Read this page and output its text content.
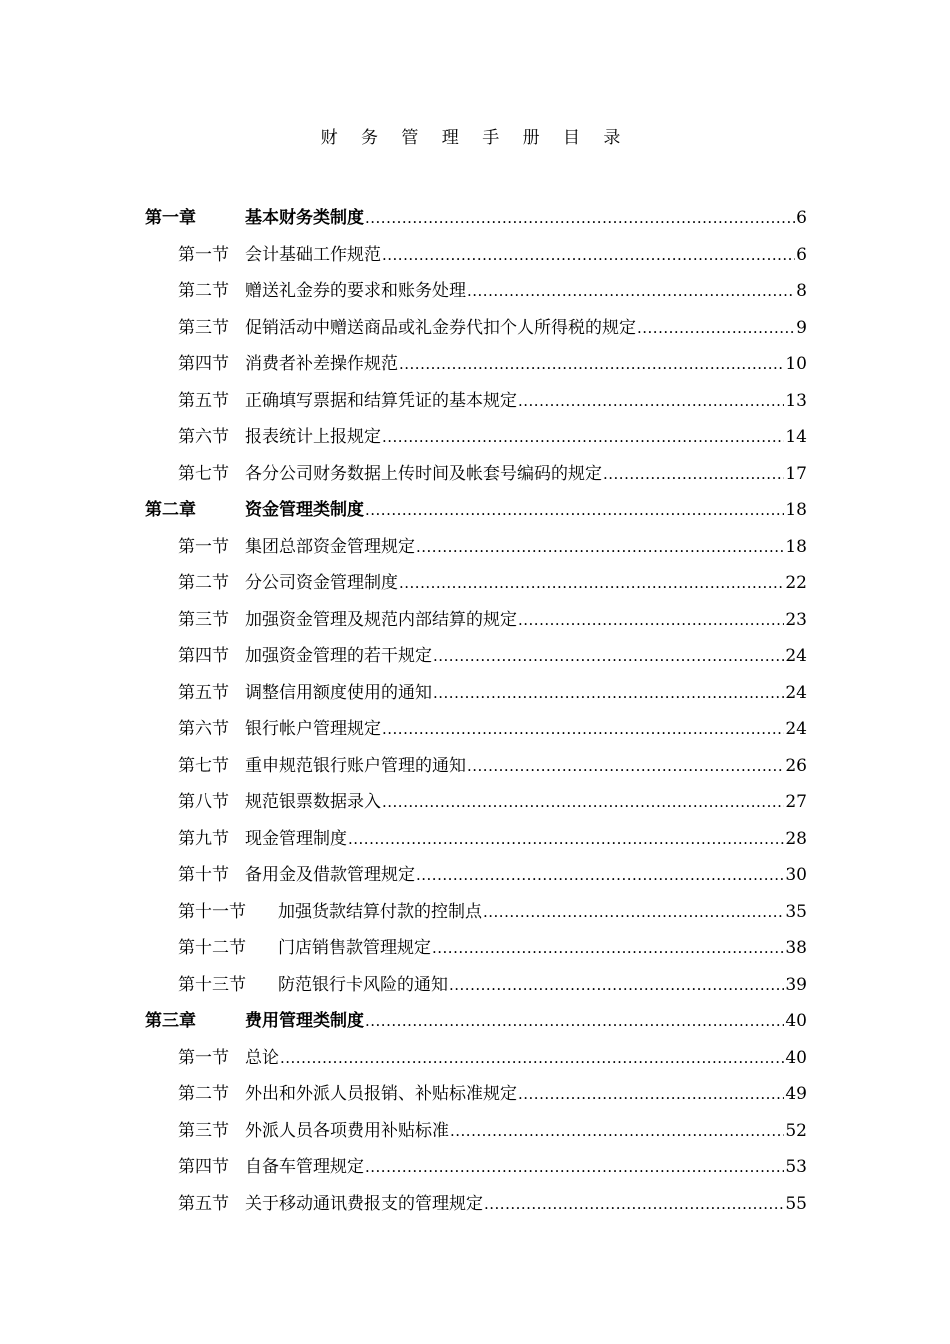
财 务 管 理 手 册 目 录
第一章	基本财务类制度 .....	6
第一节 会计基础工作规范 .....	6
第二节 赠送礼金券的要求和账务处理 .....	8
第三节 促销活动中赠送商品或礼金券代扣个人所得税的规定 .....	9
第四节 消费者补差操作规范 .....	10
第五节 正确填写票据和结算凭证的基本规定 .....	13
第六节 报表统计上报规定 .....	14
第七节 各分公司财务数据上传时间及帐套号编码的规定 .....	17
第二章	资金管理类制度 .....	18
第一节 集团总部资金管理规定 .....	18
第二节 分公司资金管理制度 .....	22
第三节 加强资金管理及规范内部结算的规定 .....	23
第四节 加强资金管理的若干规定 .....	24
第五节 调整信用额度使用的通知 .....	24
第六节 银行帐户管理规定 .....	24
第七节 重申规范银行账户管理的通知 .....	26
第八节 规范银票数据录入 .....	27
第九节 现金管理制度 .....	28
第十节 备用金及借款管理规定 .....	30
第十一节	加强货款结算付款的控制点 .....	35
第十二节	门店销售款管理规定 .....	38
第十三节	防范银行卡风险的通知 .....	39
第三章	费用管理类制度 .....	40
第一节 总论 .....	40
第二节 外出和外派人员报销、补贴标准规定 .....	49
第三节 外派人员各项费用补贴标准 .....	52
第四节 自备车管理规定 .....	53
第五节 关于移动通讯费报支的管理规定 .....	55
